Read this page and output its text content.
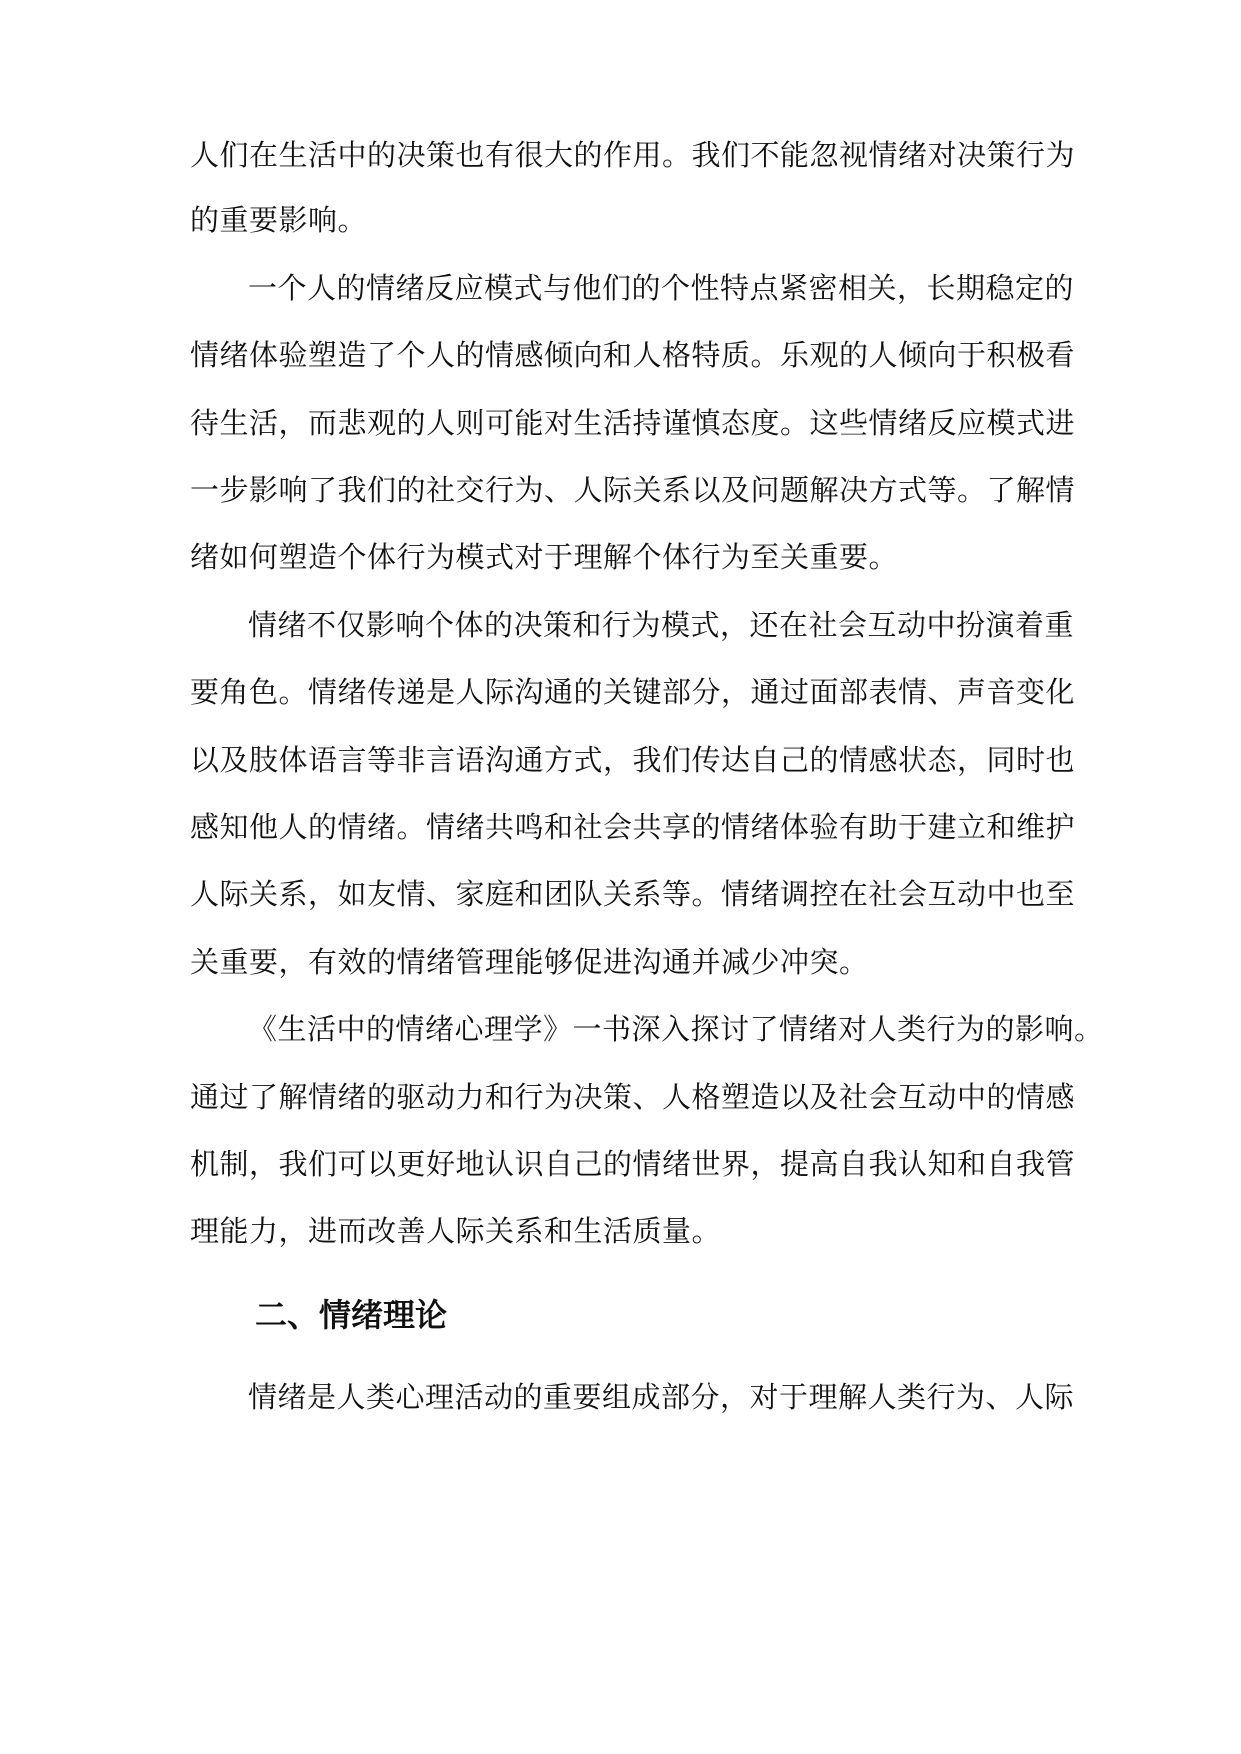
人们在生活中的决策也有很大的作用。我们不能忽视情绪对决策行为
的重要影响。
一个人的情绪反应模式与他们的个性特点紧密相关，长期稳定的
情绪体验塑造了个人的情感倾向和人格特质。乐观的人倾向于积极看
待生活，而悲观的人则可能对生活持谨慎态度。这些情绪反应模式进
一步影响了我们的社交行为、人际关系以及问题解决方式等。了解情
绪如何塑造个体行为模式对于理解个体行为至关重要。
情绪不仅影响个体的决策和行为模式，还在社会互动中扮演着重
要角色。情绪传递是人际沟通的关键部分，通过面部表情、声音变化
以及肢体语言等非言语沟通方式，我们传达自己的情感状态，同时也
感知他人的情绪。情绪共鸣和社会共享的情绪体验有助于建立和维护
人际关系，如友情、家庭和团队关系等。情绪调控在社会互动中也至
关重要，有效的情绪管理能够促进沟通并减少冲突。
《生活中的情绪心理学》一书深入探讨了情绪对人类行为的影响。
通过了解情绪的驱动力和行为决策、人格塑造以及社会互动中的情感
机制，我们可以更好地认识自己的情绪世界，提高自我认知和自我管
理能力，进而改善人际关系和生活质量。
二、情绪理论
情绪是人类心理活动的重要组成部分，对于理解人类行为、人际
